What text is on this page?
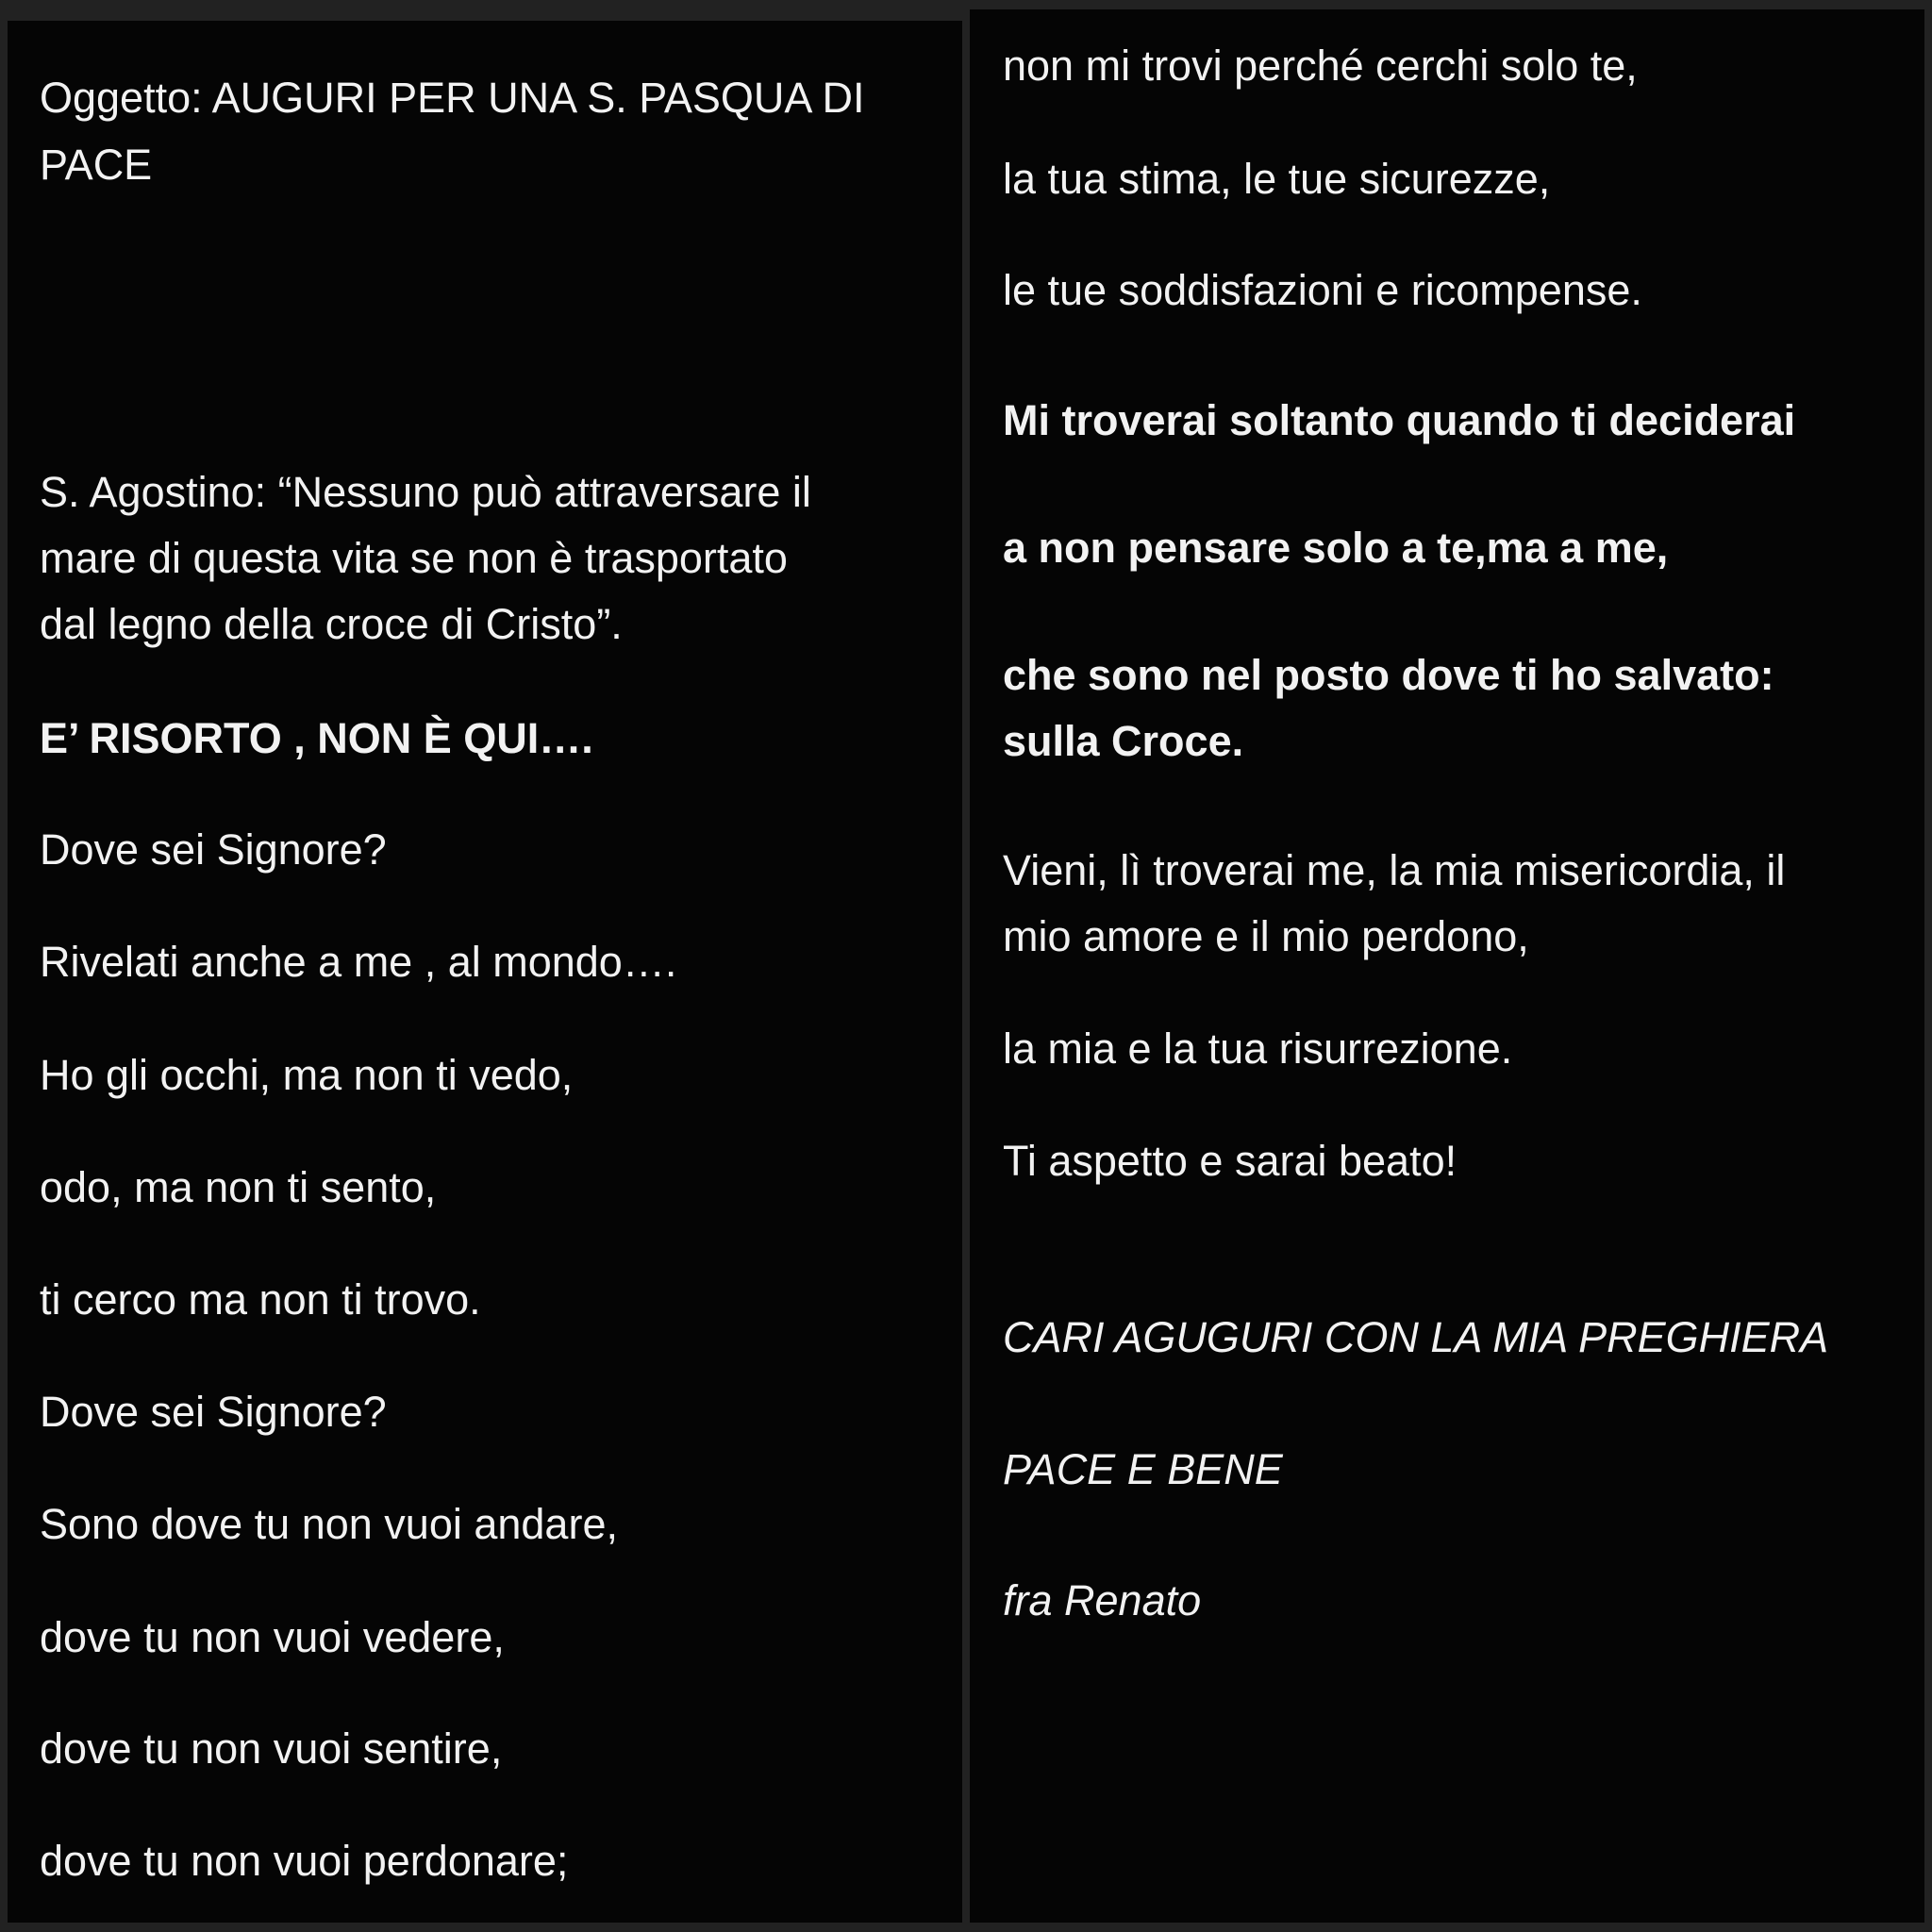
Oggetto: AUGURI PER UNA S. PASQUA DI

PACE

S. Agostino: “Nessuno può attraversare il

mare di questa vita se non è trasportato

dal legno della croce di Cristo”.

E’ RISORTO , NON È QUI….

Dove sei Signore?

Rivelati anche a me , al mondo….

Ho gli occhi, ma non ti vedo,

odo, ma non ti sento,

ti cerco ma non ti trovo.

Dove sei Signore?

Sono dove tu non vuoi andare,

dove tu non vuoi vedere,

dove tu non vuoi sentire,

dove tu non vuoi perdonare;

non mi trovi perché cerchi solo te,

la tua stima, le tue sicurezze,

le tue soddisfazioni e ricompense.

Mi troverai soltanto quando ti deciderai

a non pensare solo a te,ma a me,

che sono nel posto dove ti ho salvato:

sulla Croce.

Vieni, lì troverai me, la mia misericordia, il

mio amore e il mio perdono,

la mia e la tua risurrezione.

Ti aspetto e sarai beato!

CARI AGUGURI CON LA MIA PREGHIERA

PACE E BENE

fra Renato
